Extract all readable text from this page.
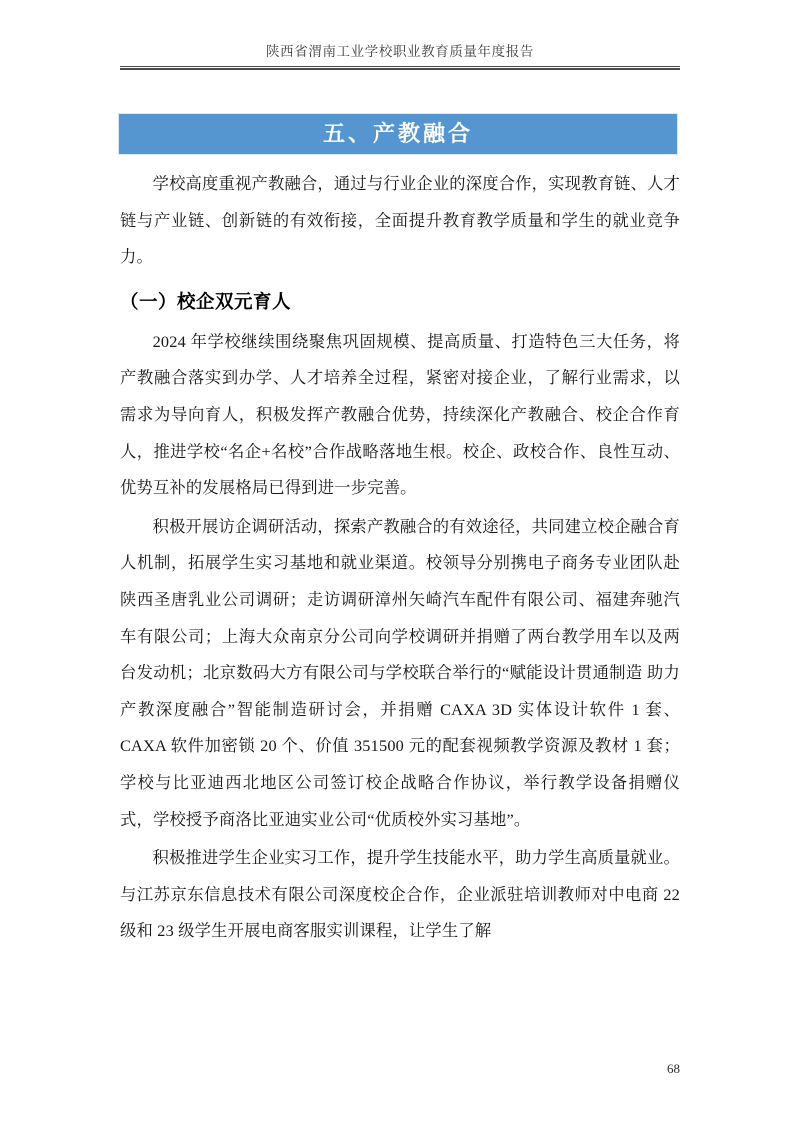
陕西省渭南工业学校职业教育质量年度报告
五、产教融合

学校高度重视产教融合，通过与行业企业的深度合作，实现教育链、人才链与产业链、创新链的有效衔接，全面提升教育教学质量和学生的就业竞争力。

（一）校企双元育人

2024 年学校继续围绕聚焦巩固规模、提高质量、打造特色三大任务，将产教融合落实到办学、人才培养全过程，紧密对接企业，了解行业需求，以需求为导向育人，积极发挥产教融合优势，持续深化产教融合、校企合作育人，推进学校“名企+名校”合作战略落地生根。校企、政校合作、良性互动、优势互补的发展格局已得到进一步完善。

积极开展访企调研活动，探索产教融合的有效途径，共同建立校企融合育人机制，拓展学生实习基地和就业渠道。校领导分别携电子商务专业团队赴陕西圣唐乳业公司调研；走访调研漳州矢崎汽车配件有限公司、福建奔驰汽车有限公司；上海大众南京分公司向学校调研并捐赠了两台教学用车以及两台发动机；北京数码大方有限公司与学校联合举行的“赋能设计贯通制造 助力产教深度融合”智能制造研讨会，并捐赠 CAXA 3D 实体设计软件 1 套、CAXA 软件加密锁 20 个、价值 351500 元的配套视频教学资源及教材 1 套；学校与比亚迪西北地区公司签订校企战略合作协议，举行教学设备捐赠仪式，学校授予商洛比亚迪实业公司“优质校外实习基地”。

积极推进学生企业实习工作，提升学生技能水平，助力学生高质量就业。与江苏京东信息技术有限公司深度校企合作，企业派驻培训教师对中电商 22 级和 23 级学生开展电商客服实训课程，让学生了解

68
